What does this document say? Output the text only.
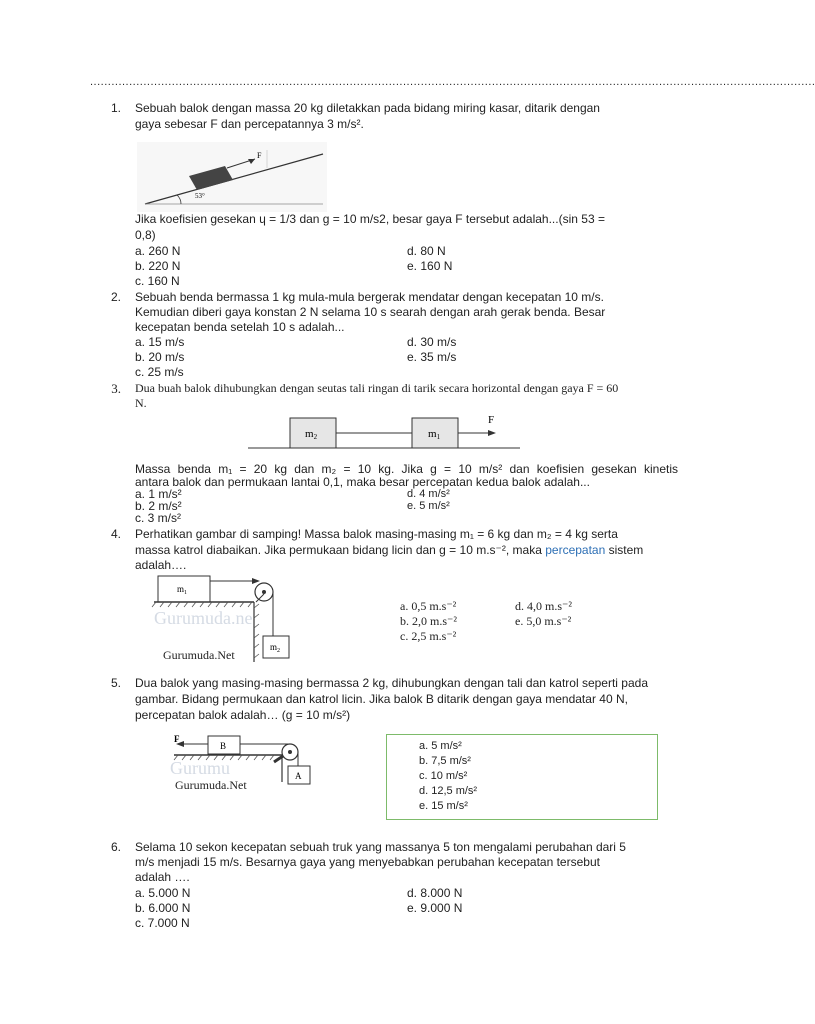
............................................................................................................................................................................................................
1. Sebuah balok dengan massa 20 kg diletakkan pada bidang miring kasar, ditarik dengan
gaya sebesar F dan percepatannya 3 m/s².
F
53°
Jika koefisien gesekan ɥ = 1/3 dan g = 10 m/s2, besar gaya F tersebut adalah...(sin 53 =
0,8)
a. 260 N
b. 220 N
c. 160 N
d. 80 N
e. 160 N
2. Sebuah benda bermassa 1 kg mula-mula bergerak mendatar dengan kecepatan 10 m/s.
Kemudian diberi gaya konstan 2 N selama 10 s searah dengan arah gerak benda. Besar
kecepatan benda setelah 10 s adalah...
a. 15 m/s
b. 20 m/s
c. 25 m/s
d. 30 m/s
e. 35 m/s
3. Dua buah balok dihubungkan dengan seutas tali ringan di tarik secara horizontal dengan gaya F = 60
N.
F
m2	m1
Massa benda m₁ = 20 kg dan m₂ = 10 kg. Jika g = 10 m/s² dan koefisien gesekan kinetis
antara balok dan permukaan lantai 0,1, maka besar percepatan kedua balok adalah...
a. 1 m/s²
b. 2 m/s²
c. 3 m/s²
d. 4 m/s²
e. 5 m/s²
4. Perhatikan gambar di samping! Massa balok masing-masing m₁ = 6 kg dan m₂ = 4 kg serta
massa katrol diabaikan. Jika permukaan bidang licin dan g = 10 m.s⁻², maka percepatan sistem
adalah….
Gurumuda.ne
$m_1$
$m_2$
Gurumuda.Net
a. 0,5 m.s⁻²
b. 2,0 m.s⁻²
c. 2,5 m.s⁻²
d. 4,0 m.s⁻²
e. 5,0 m.s⁻²
5. Dua balok yang masing-masing bermassa 2 kg, dihubungkan dengan tali dan katrol seperti pada
gambar. Bidang permukaan dan katrol licin. Jika balok B ditarik dengan gaya mendatar 40 N,
percepatan balok adalah… (g = 10 m/s²)
Gurumu
F
B
A
Gurumuda.Net
a. 5 m/s²
b. 7,5 m/s²
c. 10 m/s²
d. 12,5 m/s²
e. 15 m/s²
6. Selama 10 sekon kecepatan sebuah truk yang massanya 5 ton mengalami perubahan dari 5
m/s menjadi 15 m/s. Besarnya gaya yang menyebabkan perubahan kecepatan tersebut
adalah ….
a. 5.000 N
b. 6.000 N
c. 7.000 N
d. 8.000 N
e. 9.000 N
